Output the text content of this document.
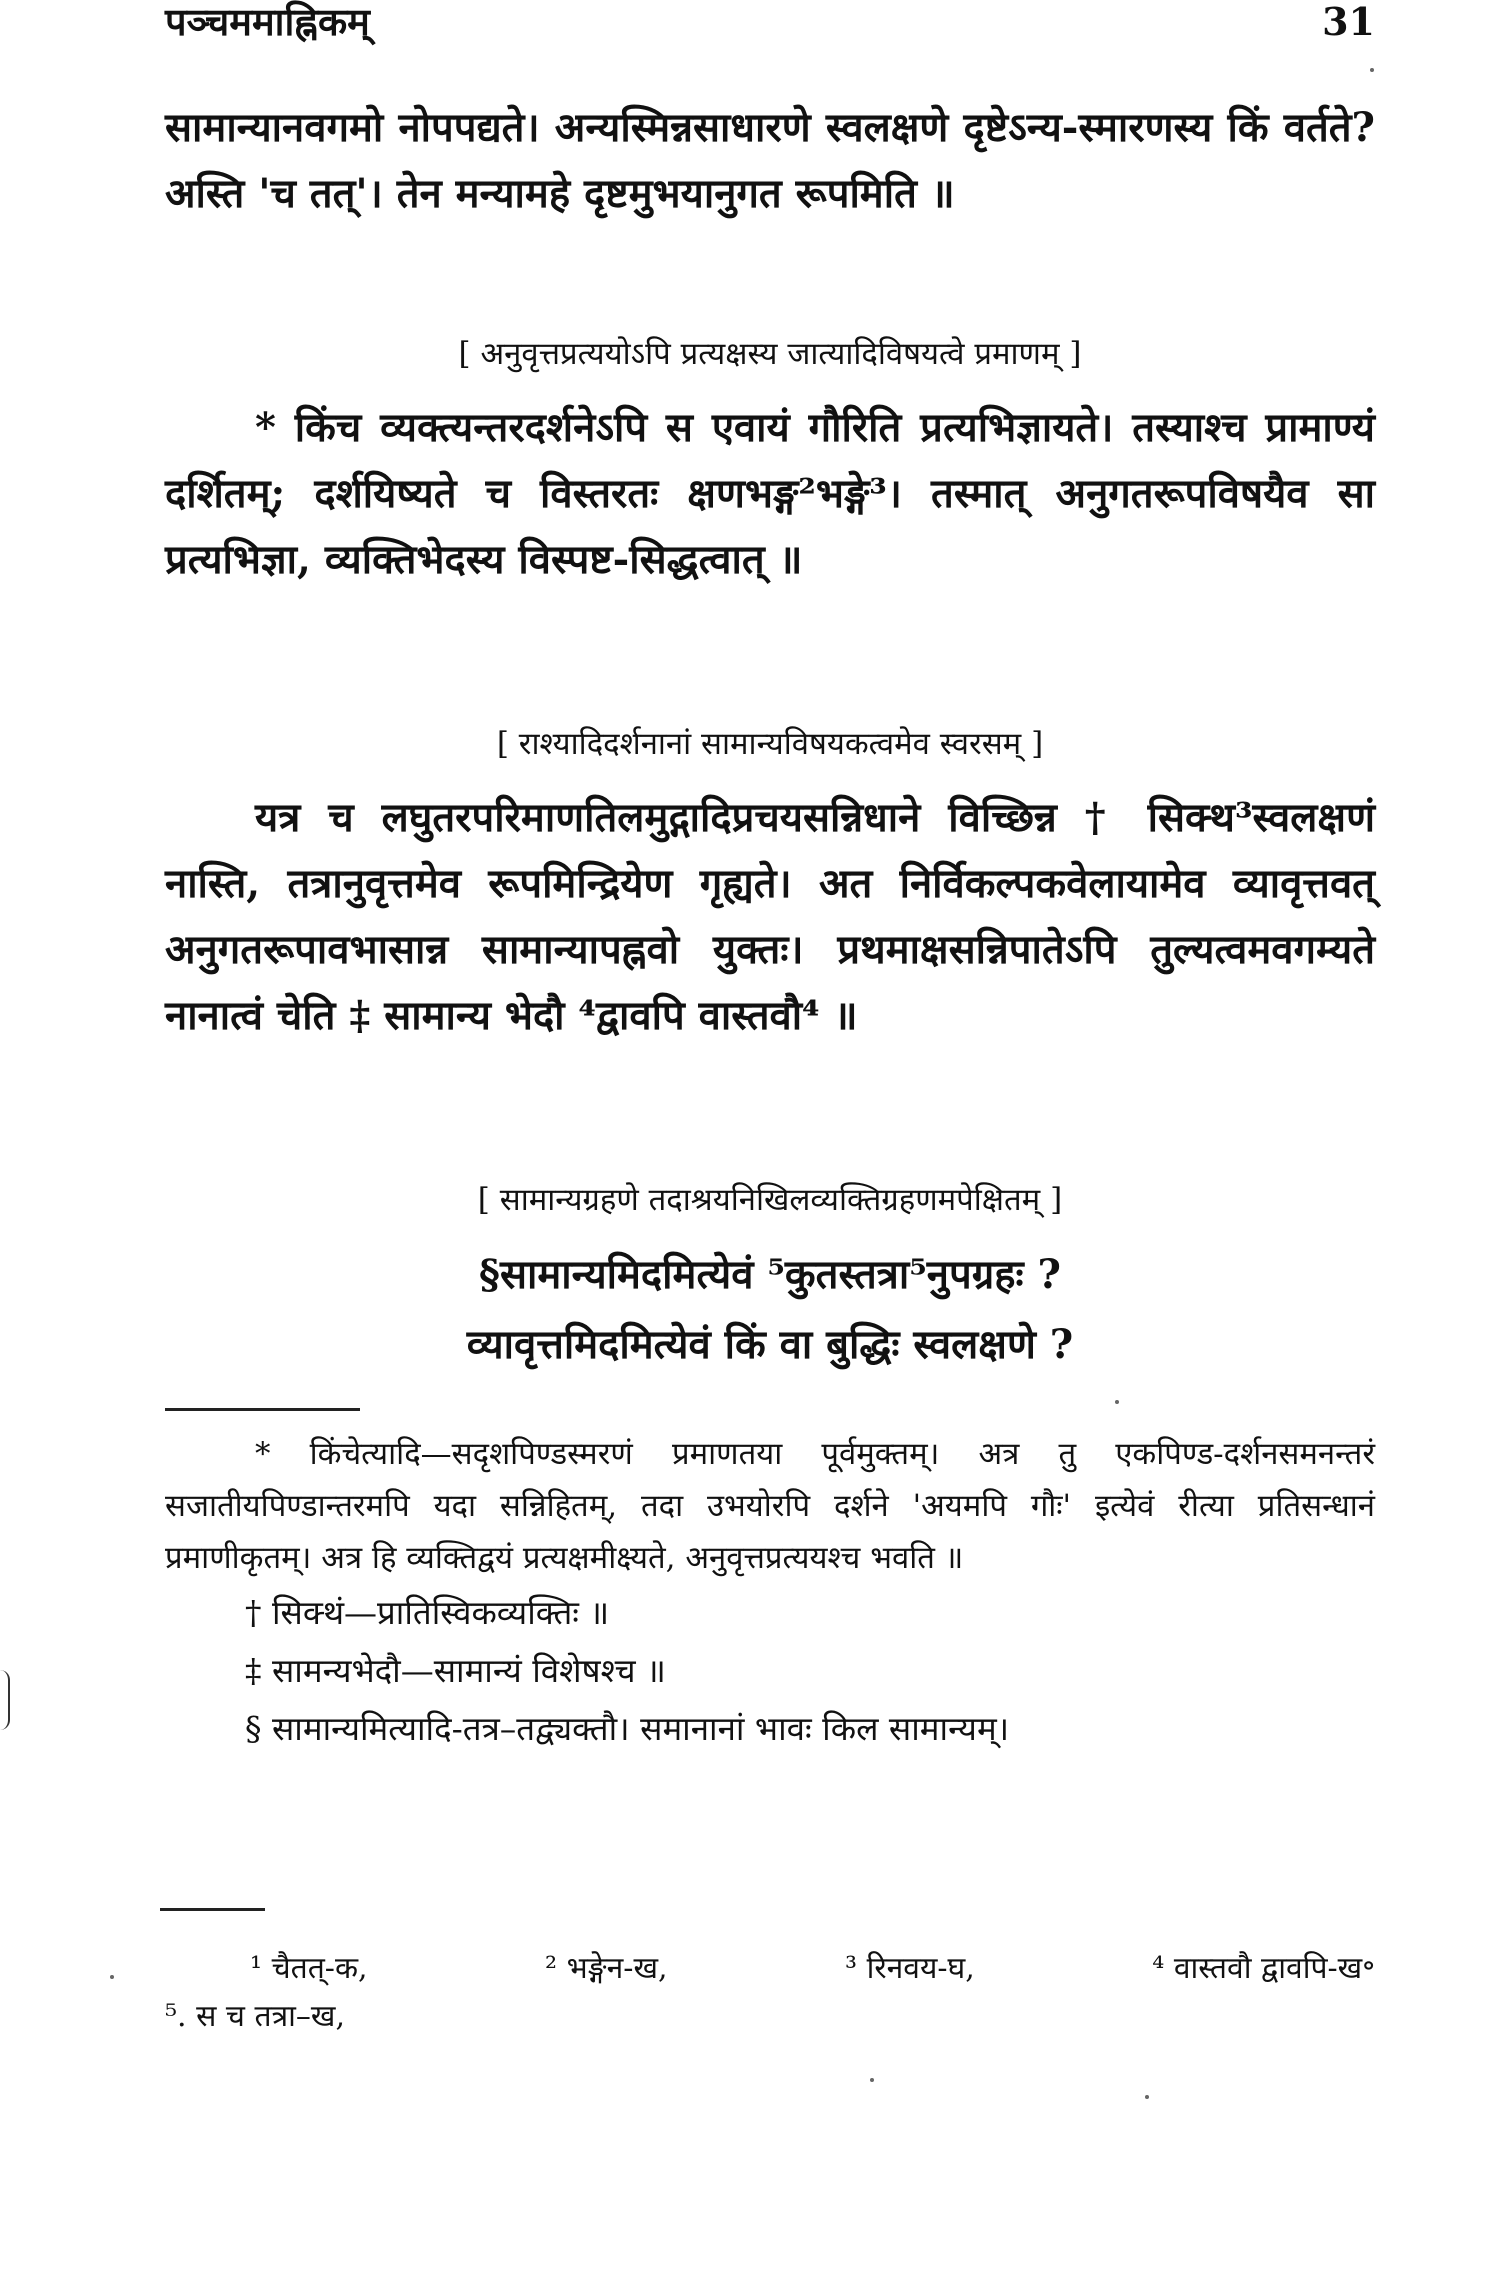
पञ्चममाह्निकम्	31

सामान्यानवगमो नोपपद्यते। अन्यस्मिन्नसाधारणे स्वलक्षणे दृष्टेऽन्य-स्मारणस्य किं वर्तते? अस्ति 'च तत्'। तेन मन्यामहे दृष्टमुभयानुगत रूपमिति ॥

[ अनुवृत्तप्रत्ययोऽपि प्रत्यक्षस्य जात्यादिविषयत्वे प्रमाणम् ]

* किंच व्यक्त्यन्तरदर्शनेऽपि स एवायं गौरिति प्रत्यभिज्ञायते। तस्याश्च प्रामाण्यं दर्शितम्; दर्शयिष्यते च विस्तरतः क्षणभङ्ग²भङ्गे³। तस्मात् अनुगतरूपविषयैव सा प्रत्यभिज्ञा, व्यक्तिभेदस्य विस्पष्ट-सिद्धत्वात् ॥

[ राश्यादिदर्शनानां सामान्यविषयकत्वमेव स्वरसम् ]

यत्र च लघुतरपरिमाणतिलमुद्गादिप्रचयसन्निधाने विच्छिन्न † सिक्थ³स्वलक्षणं नास्ति, तत्रानुवृत्तमेव रूपमिन्द्रियेण गृह्यते। अत निर्विकल्पकवेलायामेव व्यावृत्तवत् अनुगतरूपावभासान्न सामान्यापह्नवो युक्तः। प्रथमाक्षसन्निपातेऽपि तुल्यत्वमवगम्यते नानात्वं चेति ‡ सामान्य भेदौ ⁴द्वावपि वास्तवौ⁴ ॥

[ सामान्यग्रहणे तदाश्रयनिखिलव्यक्तिग्रहणमपेक्षितम् ]
§सामान्यमिदमित्येवं ⁵कुतस्तत्रा⁵नुपग्रहः ?
व्यावृत्तमिदमित्येवं किं वा बुद्धिः स्वलक्षणे ?

* किंचेत्यादि—सदृशपिण्डस्मरणं प्रमाणतया पूर्वमुक्तम्। अत्र तु एकपिण्ड-दर्शनसमनन्तरं सजातीयपिण्डान्तरमपि यदा सन्निहितम्, तदा उभयोरपि दर्शने 'अयमपि गौः' इत्येवं रीत्या प्रतिसन्धानं प्रमाणीकृतम्। अत्र हि व्यक्तिद्वयं प्रत्यक्षमीक्ष्यते, अनुवृत्तप्रत्ययश्च भवति ॥

† सिक्थं—प्रातिस्विकव्यक्तिः ॥

‡ सामन्यभेदौ—सामान्यं विशेषश्च ॥

§ सामान्यमित्यादि-तत्र–तद्व्यक्तौ। समानानां भावः किल सामान्यम्।

¹ चैतत्-क,	² भङ्गेन-ख,	³ रिनवय-घ,	⁴ वास्तवौ द्वावपि-ख॰
⁵. स च तत्रा–ख,
